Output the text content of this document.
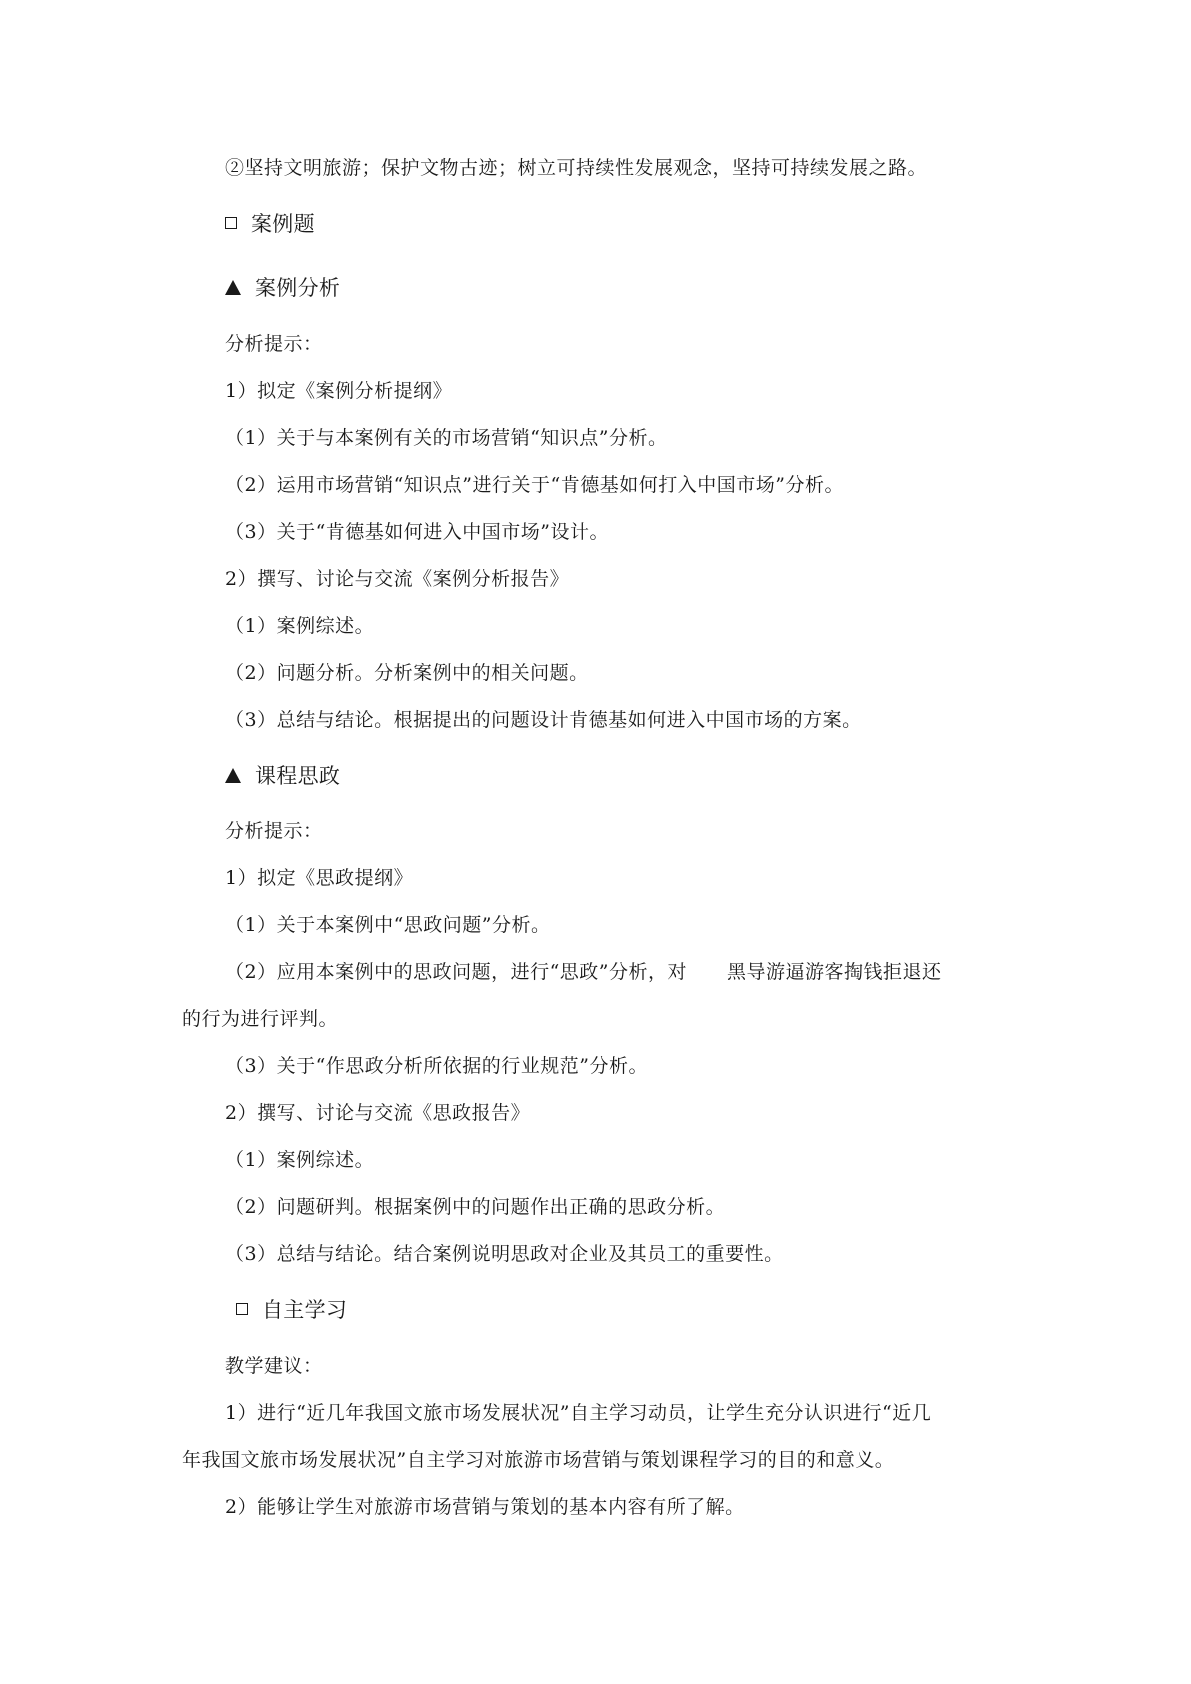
②坚持文明旅游；保护文物古迹；树立可持续性发展观念，坚持可持续发展之路。
案例题
案例分析
分析提示：
1）拟定《案例分析提纲》
（1）关于与本案例有关的市场营销“知识点”分析。
（2）运用市场营销“知识点”进行关于“肯德基如何打入中国市场”分析。
（3）关于“肯德基如何进入中国市场”设计。
2）撰写、讨论与交流《案例分析报告》
（1）案例综述。
（2）问题分析。分析案例中的相关问题。
（3）总结与结论。根据提出的问题设计肯德基如何进入中国市场的方案。
课程思政
分析提示：
1）拟定《思政提纲》
（1）关于本案例中“思政问题”分析。
（2）应用本案例中的思政问题，进行“思政”分析，对 黑导游逼游客掏钱拒退还
的行为进行评判。
（3）关于“作思政分析所依据的行业规范”分析。
2）撰写、讨论与交流《思政报告》
（1）案例综述。
（2）问题研判。根据案例中的问题作出正确的思政分析。
（3）总结与结论。结合案例说明思政对企业及其员工的重要性。
自主学习
教学建议：
1）进行“近几年我国文旅市场发展状况”自主学习动员，让学生充分认识进行“近几
年我国文旅市场发展状况”自主学习对旅游市场营销与策划课程学习的目的和意义。
2）能够让学生对旅游市场营销与策划的基本内容有所了解。
